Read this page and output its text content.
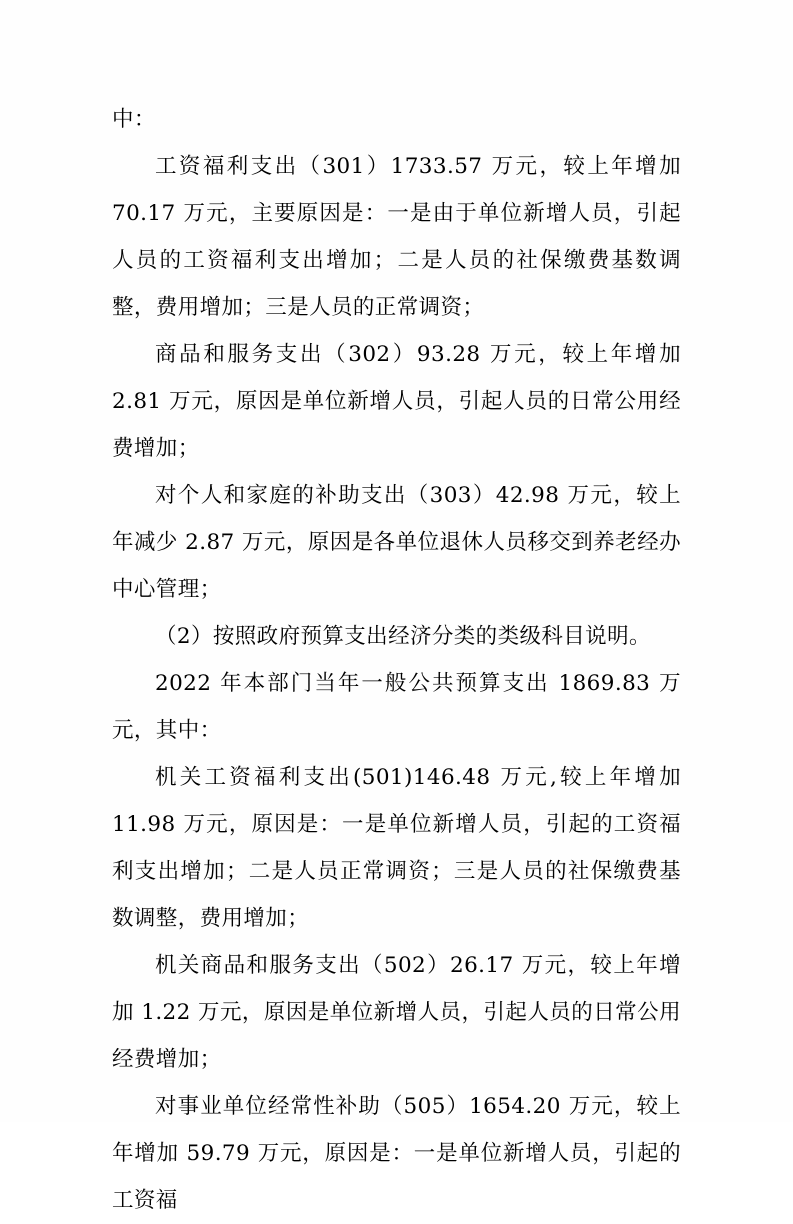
中：

工资福利支出（301）1733.57 万元，较上年增加 70.17 万元，主要原因是：一是由于单位新增人员，引起人员的工资福利支出增加；二是人员的社保缴费基数调整，费用增加；三是人员的正常调资；

商品和服务支出（302）93.28 万元，较上年增加 2.81 万元，原因是单位新增人员，引起人员的日常公用经费增加；

对个人和家庭的补助支出（303）42.98 万元，较上年减少 2.87 万元，原因是各单位退休人员移交到养老经办中心管理；

（2）按照政府预算支出经济分类的类级科目说明。

2022 年本部门当年一般公共预算支出 1869.83 万元，其中：

机关工资福利支出(501)146.48 万元,较上年增加 11.98 万元，原因是：一是单位新增人员，引起的工资福利支出增加；二是人员正常调资；三是人员的社保缴费基数调整，费用增加；

机关商品和服务支出（502）26.17 万元，较上年增加 1.22 万元，原因是单位新增人员，引起人员的日常公用经费增加；

对事业单位经常性补助（505）1654.20 万元，较上年增加 59.79 万元，原因是：一是单位新增人员，引起的工资福
